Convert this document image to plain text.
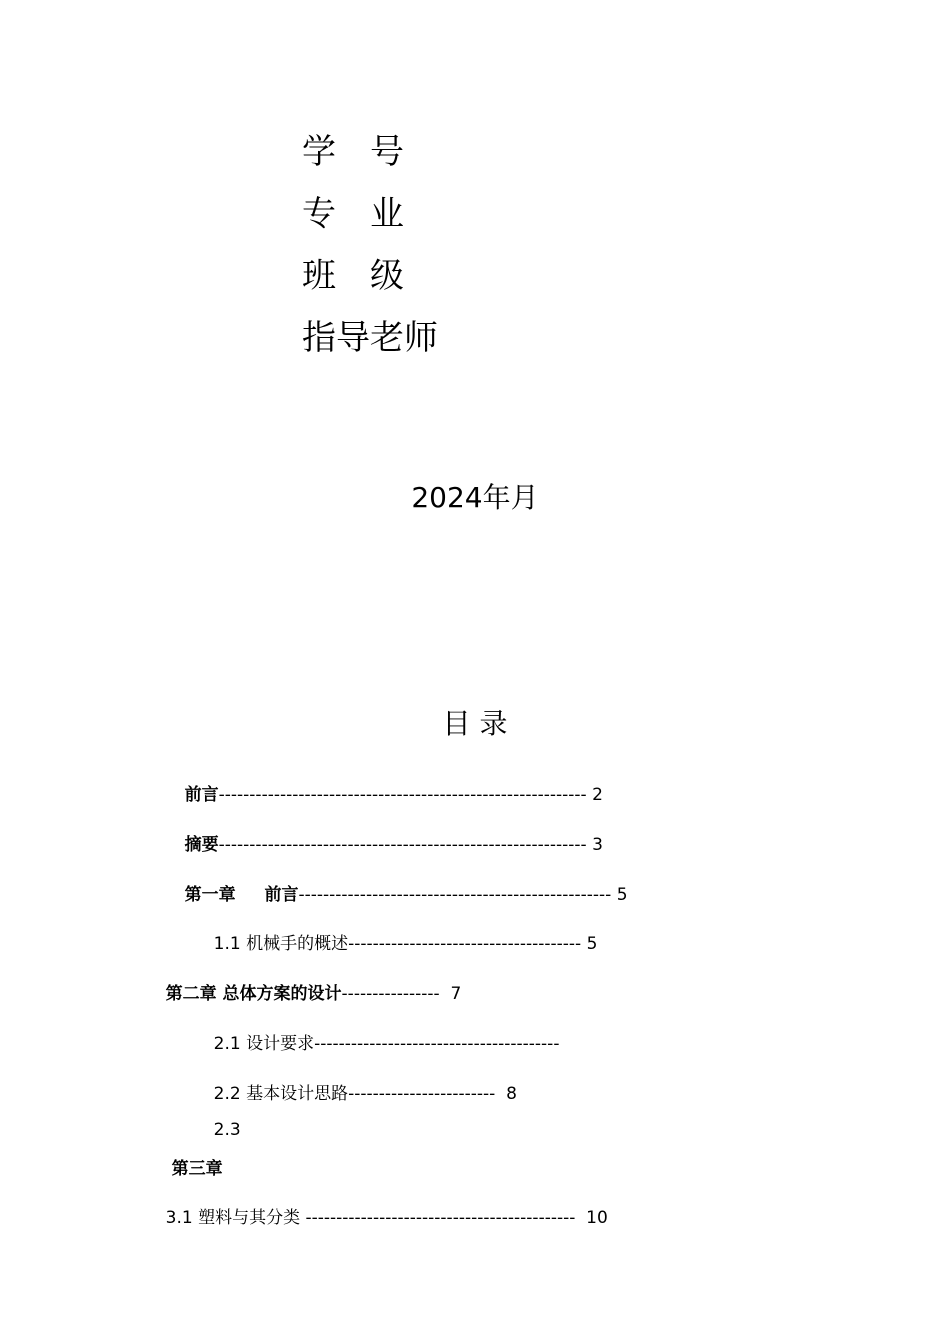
学　号
专　业
班　级
指导老师
2024年月
目 录

前言------------------------------------------------------------ 2

摘要------------------------------------------------------------ 3

第一章 　 前言--------------------------------------------------- 5

1.1 机械手的概述-------------------------------------- 5

第二章 总体方案的设计----------------  7

2.1 设计要求----------------------------------------

2.2 基本设计思路------------------------  8

2.3

第三章

3.1 塑料与其分类 --------------------------------------------  10
